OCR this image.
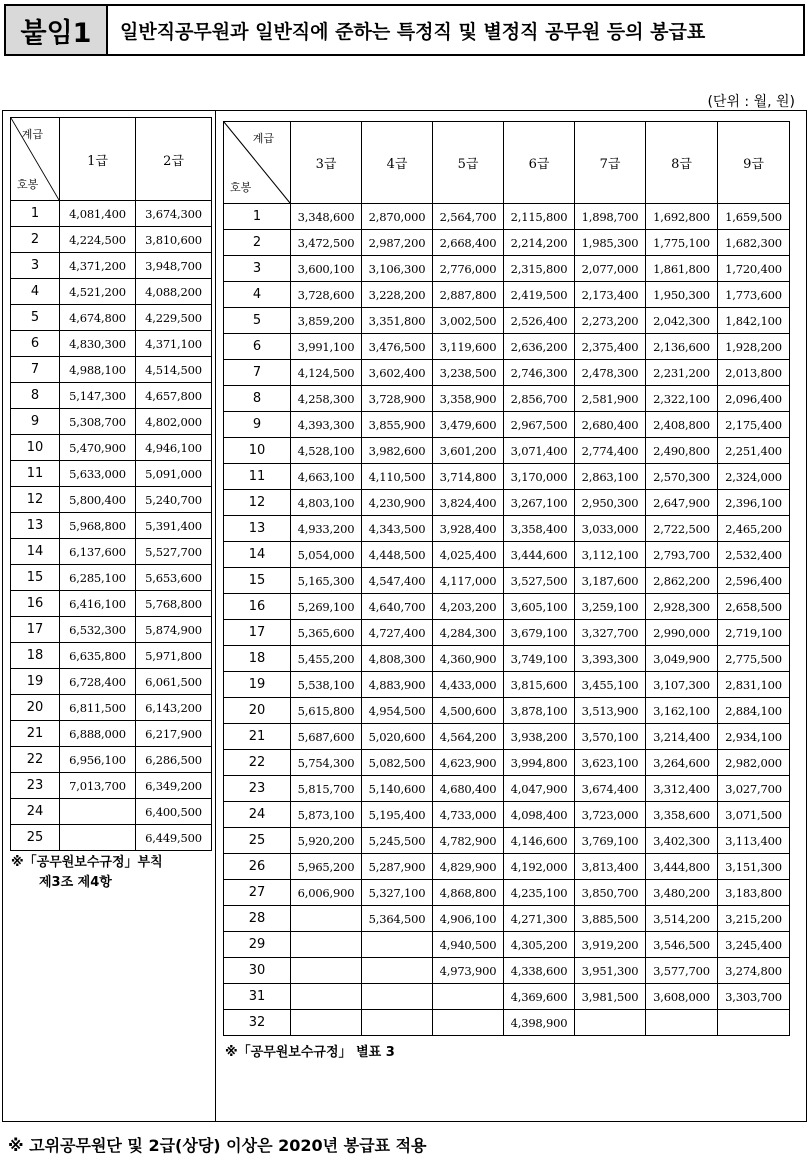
붙임1	일반직공무원과 일반직에 준하는 특정직 및 별정직 공무원 등의 봉급표
(단위 : 월, 원)
계급
호봉	1급	2급
1	4,081,400	3,674,300
2	4,224,500	3,810,600
3	4,371,200	3,948,700
4	4,521,200	4,088,200
5	4,674,800	4,229,500
6	4,830,300	4,371,100
7	4,988,100	4,514,500
8	5,147,300	4,657,800
9	5,308,700	4,802,000
10	5,470,900	4,946,100
11	5,633,000	5,091,000
12	5,800,400	5,240,700
13	5,968,800	5,391,400
14	6,137,600	5,527,700
15	6,285,100	5,653,600
16	6,416,100	5,768,800
17	6,532,300	5,874,900
18	6,635,800	5,971,800
19	6,728,400	6,061,500
20	6,811,500	6,143,200
21	6,888,000	6,217,900
22	6,956,100	6,286,500
23	7,013,700	6,349,200
24		6,400,500
25		6,449,500
※「공무원보수규정」부칙
제3조 제4항
계급
호봉	3급	4급	5급	6급	7급	8급	9급
1	3,348,600	2,870,000	2,564,700	2,115,800	1,898,700	1,692,800	1,659,500
2	3,472,500	2,987,200	2,668,400	2,214,200	1,985,300	1,775,100	1,682,300
3	3,600,100	3,106,300	2,776,000	2,315,800	2,077,000	1,861,800	1,720,400
4	3,728,600	3,228,200	2,887,800	2,419,500	2,173,400	1,950,300	1,773,600
5	3,859,200	3,351,800	3,002,500	2,526,400	2,273,200	2,042,300	1,842,100
6	3,991,100	3,476,500	3,119,600	2,636,200	2,375,400	2,136,600	1,928,200
7	4,124,500	3,602,400	3,238,500	2,746,300	2,478,300	2,231,200	2,013,800
8	4,258,300	3,728,900	3,358,900	2,856,700	2,581,900	2,322,100	2,096,400
9	4,393,300	3,855,900	3,479,600	2,967,500	2,680,400	2,408,800	2,175,400
10	4,528,100	3,982,600	3,601,200	3,071,400	2,774,400	2,490,800	2,251,400
11	4,663,100	4,110,500	3,714,800	3,170,000	2,863,100	2,570,300	2,324,000
12	4,803,100	4,230,900	3,824,400	3,267,100	2,950,300	2,647,900	2,396,100
13	4,933,200	4,343,500	3,928,400	3,358,400	3,033,000	2,722,500	2,465,200
14	5,054,000	4,448,500	4,025,400	3,444,600	3,112,100	2,793,700	2,532,400
15	5,165,300	4,547,400	4,117,000	3,527,500	3,187,600	2,862,200	2,596,400
16	5,269,100	4,640,700	4,203,200	3,605,100	3,259,100	2,928,300	2,658,500
17	5,365,600	4,727,400	4,284,300	3,679,100	3,327,700	2,990,000	2,719,100
18	5,455,200	4,808,300	4,360,900	3,749,100	3,393,300	3,049,900	2,775,500
19	5,538,100	4,883,900	4,433,000	3,815,600	3,455,100	3,107,300	2,831,100
20	5,615,800	4,954,500	4,500,600	3,878,100	3,513,900	3,162,100	2,884,100
21	5,687,600	5,020,600	4,564,200	3,938,200	3,570,100	3,214,400	2,934,100
22	5,754,300	5,082,500	4,623,900	3,994,800	3,623,100	3,264,600	2,982,000
23	5,815,700	5,140,600	4,680,400	4,047,900	3,674,400	3,312,400	3,027,700
24	5,873,100	5,195,400	4,733,000	4,098,400	3,723,000	3,358,600	3,071,500
25	5,920,200	5,245,500	4,782,900	4,146,600	3,769,100	3,402,300	3,113,400
26	5,965,200	5,287,900	4,829,900	4,192,000	3,813,400	3,444,800	3,151,300
27	6,006,900	5,327,100	4,868,800	4,235,100	3,850,700	3,480,200	3,183,800
28		5,364,500	4,906,100	4,271,300	3,885,500	3,514,200	3,215,200
29			4,940,500	4,305,200	3,919,200	3,546,500	3,245,400
30			4,973,900	4,338,600	3,951,300	3,577,700	3,274,800
31				4,369,600	3,981,500	3,608,000	3,303,700
32				4,398,900			
※「공무원보수규정」 별표 3
※ 고위공무원단 및 2급(상당) 이상은 2020년 봉급표 적용
